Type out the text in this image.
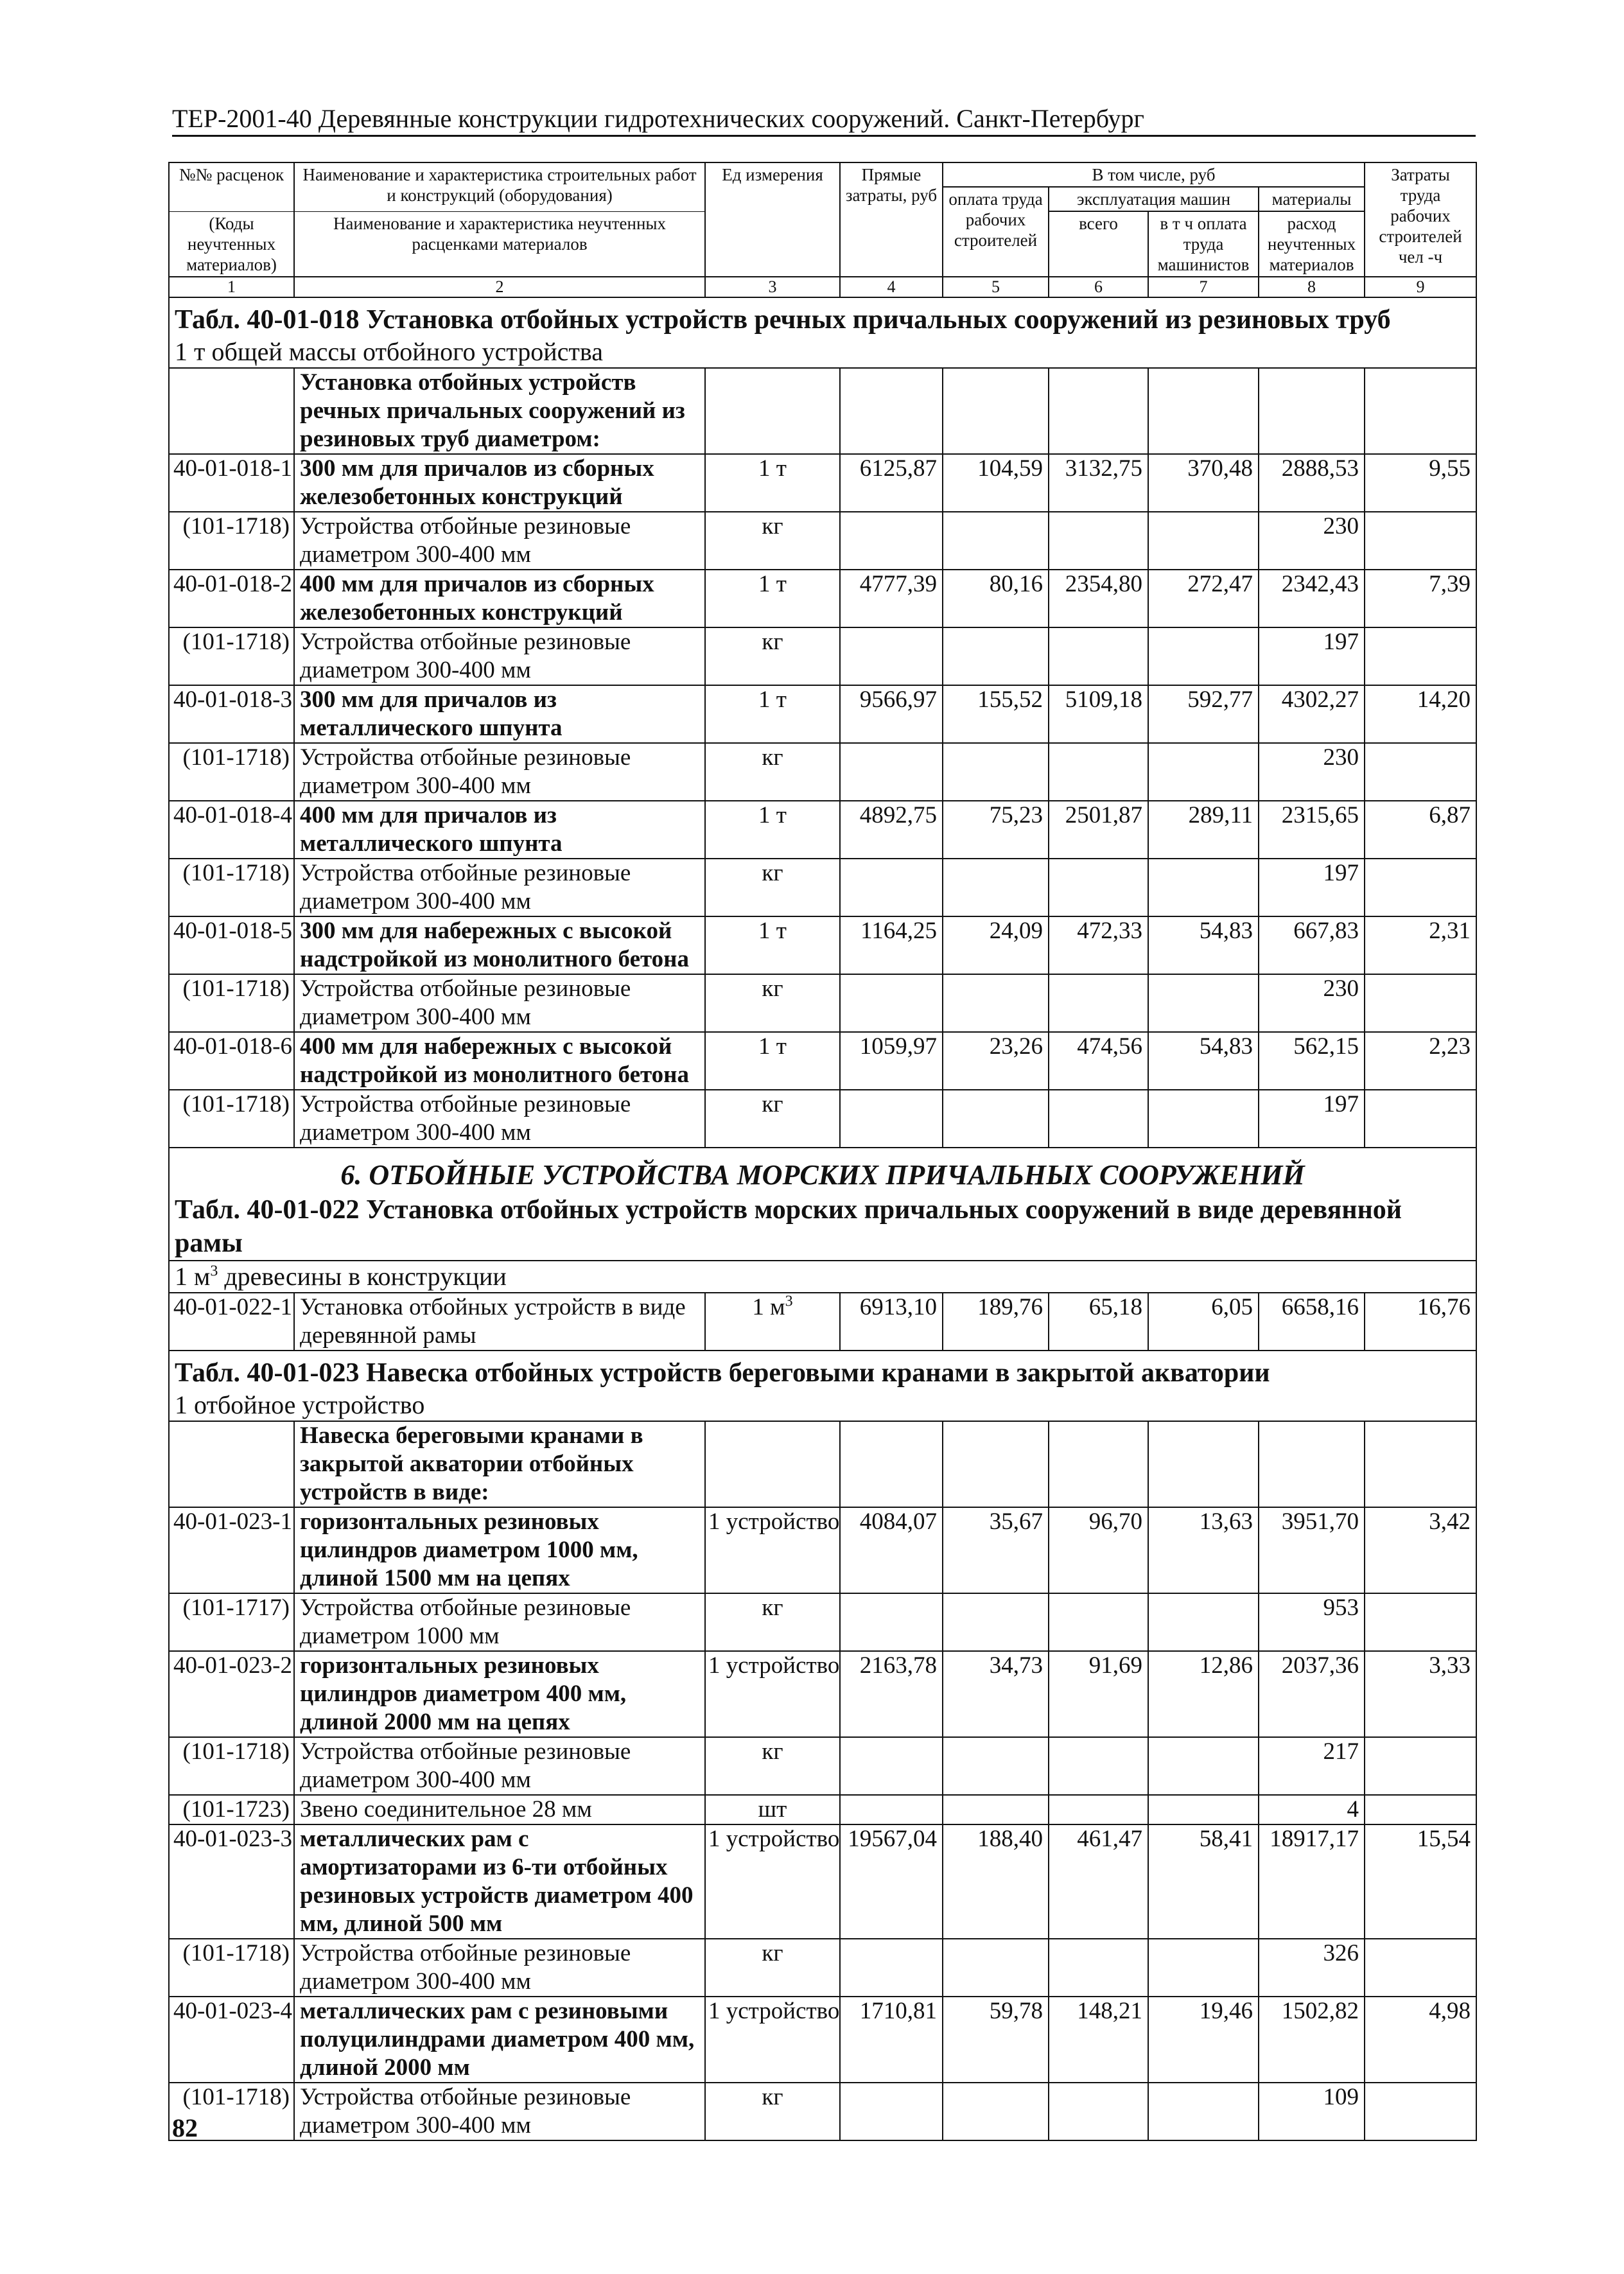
ТЕР-2001-40 Деревянные конструкции гидротехнических сооружений. Санкт-Петербург
№№ расценок	Наименование и характеристика строительных работ и конструкций (оборудования)	Ед измерения	Прямые затраты, руб	В том числе, руб				Затраты труда рабочих строителей чел -ч
				оплата труда рабочих строителей	эксплуатация машин		материалы	
(Коды неучтенных материалов)	Наименование и характеристика неучтенных расценками материалов				всего	в т ч оплата труда машинистов	расход неучтенных материалов	

1	2	3	4	5	6	7	8	9
Табл. 40-01-018 Установка отбойных устройств речных причальных сооружений из резиновых труб								
1 т общей массы отбойного устройства								
	Установка отбойных устройств речных причальных сооружений из резиновых труб диаметром:							
40-01-018-1	300 мм для причалов из сборных железобетонных конструкций	1 т	6125,87	104,59	3132,75	370,48	2888,53	9,55
(101-1718)	Устройства отбойные резиновые диаметром 300-400 мм	кг					230	
40-01-018-2	400 мм для причалов из сборных железобетонных конструкций	1 т	4777,39	80,16	2354,80	272,47	2342,43	7,39
(101-1718)	Устройства отбойные резиновые диаметром 300-400 мм	кг					197	
40-01-018-3	300 мм для причалов из металлического шпунта	1 т	9566,97	155,52	5109,18	592,77	4302,27	14,20
(101-1718)	Устройства отбойные резиновые диаметром 300-400 мм	кг					230	
40-01-018-4	400 мм для причалов из металлического шпунта	1 т	4892,75	75,23	2501,87	289,11	2315,65	6,87
(101-1718)	Устройства отбойные резиновые диаметром 300-400 мм	кг					197	
40-01-018-5	300 мм для набережных с высокой надстройкой из монолитного бетона	1 т	1164,25	24,09	472,33	54,83	667,83	2,31
(101-1718)	Устройства отбойные резиновые диаметром 300-400 мм	кг					230	
40-01-018-6	400 мм для набережных с высокой надстройкой из монолитного бетона	1 т	1059,97	23,26	474,56	54,83	562,15	2,23
(101-1718)	Устройства отбойные резиновые диаметром 300-400 мм	кг					197	

6. ОТБОЙНЫЕ УСТРОЙСТВА МОРСКИХ ПРИЧАЛЬНЫХ СООРУЖЕНИЙ								

Табл. 40-01-022 Установка отбойных устройств морских причальных сооружений в виде деревянной рамы								
1 $м^3$ древесины в конструкции								
40-01-022-1	Установка отбойных устройств в виде деревянной рамы	1 $м^3$	6913,10	189,76	65,18	6,05	6658,16	16,76
Табл. 40-01-023 Навеска отбойных устройств береговыми кранами в закрытой акватории								
1 отбойное устройство								
	Навеска береговыми кранами в закрытой акватории отбойных устройств в виде:							
40-01-023-1	горизонтальных резиновых цилиндров диаметром 1000 мм, длиной 1500 мм на цепях	1 устройство	4084,07	35,67	96,70	13,63	3951,70	3,42
(101-1717)	Устройства отбойные резиновые диаметром 1000 мм	кг					953	
40-01-023-2	горизонтальных резиновых цилиндров диаметром 400 мм, длиной 2000 мм на цепях	1 устройство	2163,78	34,73	91,69	12,86	2037,36	3,33
(101-1718)	Устройства отбойные резиновые диаметром 300-400 мм	кг					217	
(101-1723)	Звено соединительное 28 мм	шт					4	
40-01-023-3	металлических рам с амортизаторами из 6-ти отбойных резиновых устройств диаметром 400 мм, длиной 500 мм	1 устройство	19567,04	188,40	461,47	58,41	18917,17	15,54
(101-1718)	Устройства отбойные резиновые диаметром 300-400 мм	кг					326	
40-01-023-4	металлических рам с резиновыми полуцилиндрами диаметром 400 мм, длиной 2000 мм	1 устройство	1710,81	59,78	148,21	19,46	1502,82	4,98
(101-1718)	Устройства отбойные резиновые диаметром 300-400 мм	кг					109	
82
